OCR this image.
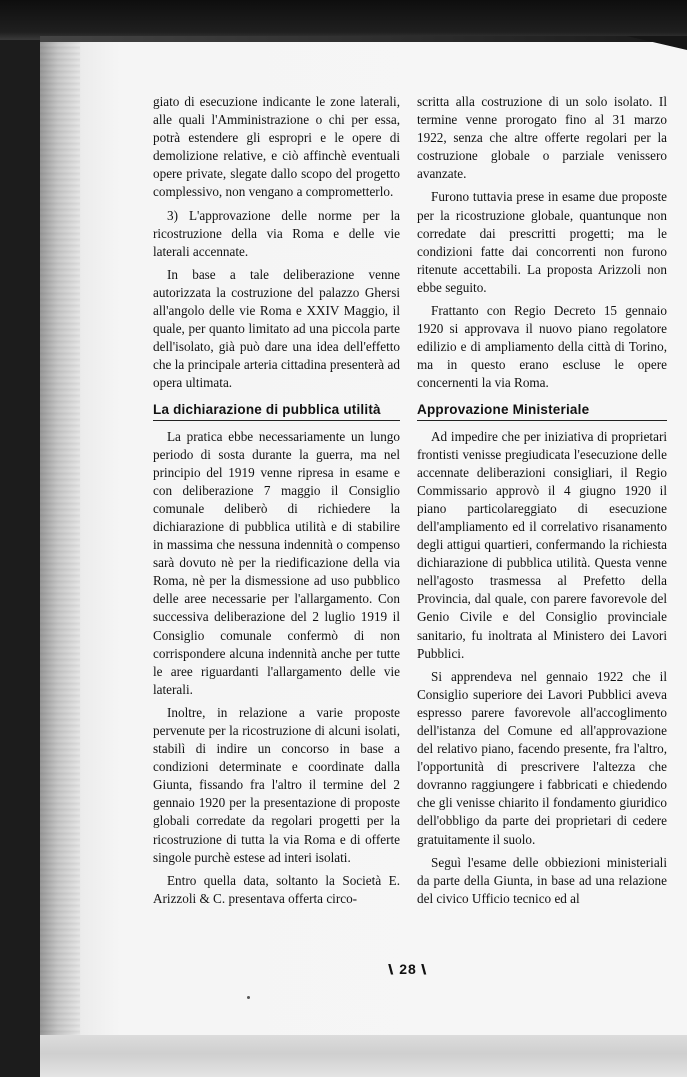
giato di esecuzione indicante le zone laterali, alle quali l'Amministrazione o chi per essa, potrà estendere gli espropri e le opere di demolizione relative, e ciò affinchè eventuali opere private, slegate dallo scopo del progetto complessivo, non vengano a comprometterlo.

3) L'approvazione delle norme per la ricostruzione della via Roma e delle vie laterali accennate.

In base a tale deliberazione venne autorizzata la costruzione del palazzo Ghersi all'angolo delle vie Roma e XXIV Maggio, il quale, per quanto limitato ad una piccola parte dell'isolato, già può dare una idea dell'effetto che la principale arteria cittadina presenterà ad opera ultimata.

La dichiarazione di pubblica utilità

La pratica ebbe necessariamente un lungo periodo di sosta durante la guerra, ma nel principio del 1919 venne ripresa in esame e con deliberazione 7 maggio il Consiglio comunale deliberò di richiedere la dichiarazione di pubblica utilità e di stabilire in massima che nessuna indennità o compenso sarà dovuto nè per la riedificazione della via Roma, nè per la dismessione ad uso pubblico delle aree necessarie per l'allargamento. Con successiva deliberazione del 2 luglio 1919 il Consiglio comunale confermò di non corrispondere alcuna indennità anche per tutte le aree riguardanti l'allargamento delle vie laterali.

Inoltre, in relazione a varie proposte pervenute per la ricostruzione di alcuni isolati, stabilì di indire un concorso in base a condizioni determinate e coordinate dalla Giunta, fissando fra l'altro il termine del 2 gennaio 1920 per la presentazione di proposte globali corredate da regolari progetti per la ricostruzione di tutta la via Roma e di offerte singole purchè estese ad interi isolati.

Entro quella data, soltanto la Società E. Arizzoli & C. presentava offerta circo-

scritta alla costruzione di un solo isolato. Il termine venne prorogato fino al 31 marzo 1922, senza che altre offerte regolari per la costruzione globale o parziale venissero avanzate.

Furono tuttavia prese in esame due proposte per la ricostruzione globale, quantunque non corredate dai prescritti progetti; ma le condizioni fatte dai concorrenti non furono ritenute accettabili. La proposta Arizzoli non ebbe seguito.

Frattanto con Regio Decreto 15 gennaio 1920 si approvava il nuovo piano regolatore edilizio e di ampliamento della città di Torino, ma in questo erano escluse le opere concernenti la via Roma.

Approvazione Ministeriale

Ad impedire che per iniziativa di proprietari frontisti venisse pregiudicata l'esecuzione delle accennate deliberazioni consigliari, il Regio Commissario approvò il 4 giugno 1920 il piano particolareggiato di esecuzione dell'ampliamento ed il correlativo risanamento degli attigui quartieri, confermando la richiesta dichiarazione di pubblica utilità. Questa venne nell'agosto trasmessa al Prefetto della Provincia, dal quale, con parere favorevole del Genio Civile e del Consiglio provinciale sanitario, fu inoltrata al Ministero dei Lavori Pubblici.

Si apprendeva nel gennaio 1922 che il Consiglio superiore dei Lavori Pubblici aveva espresso parere favorevole all'accoglimento dell'istanza del Comune ed all'approvazione del relativo piano, facendo presente, fra l'altro, l'opportunità di prescrivere l'altezza che dovranno raggiungere i fabbricati e chiedendo che gli venisse chiarito il fondamento giuridico dell'obbligo da parte dei proprietari di cedere gratuitamente il suolo.

Seguì l'esame delle obbiezioni ministeriali da parte della Giunta, in base ad una relazione del civico Ufficio tecnico ed al

\ 28 \
